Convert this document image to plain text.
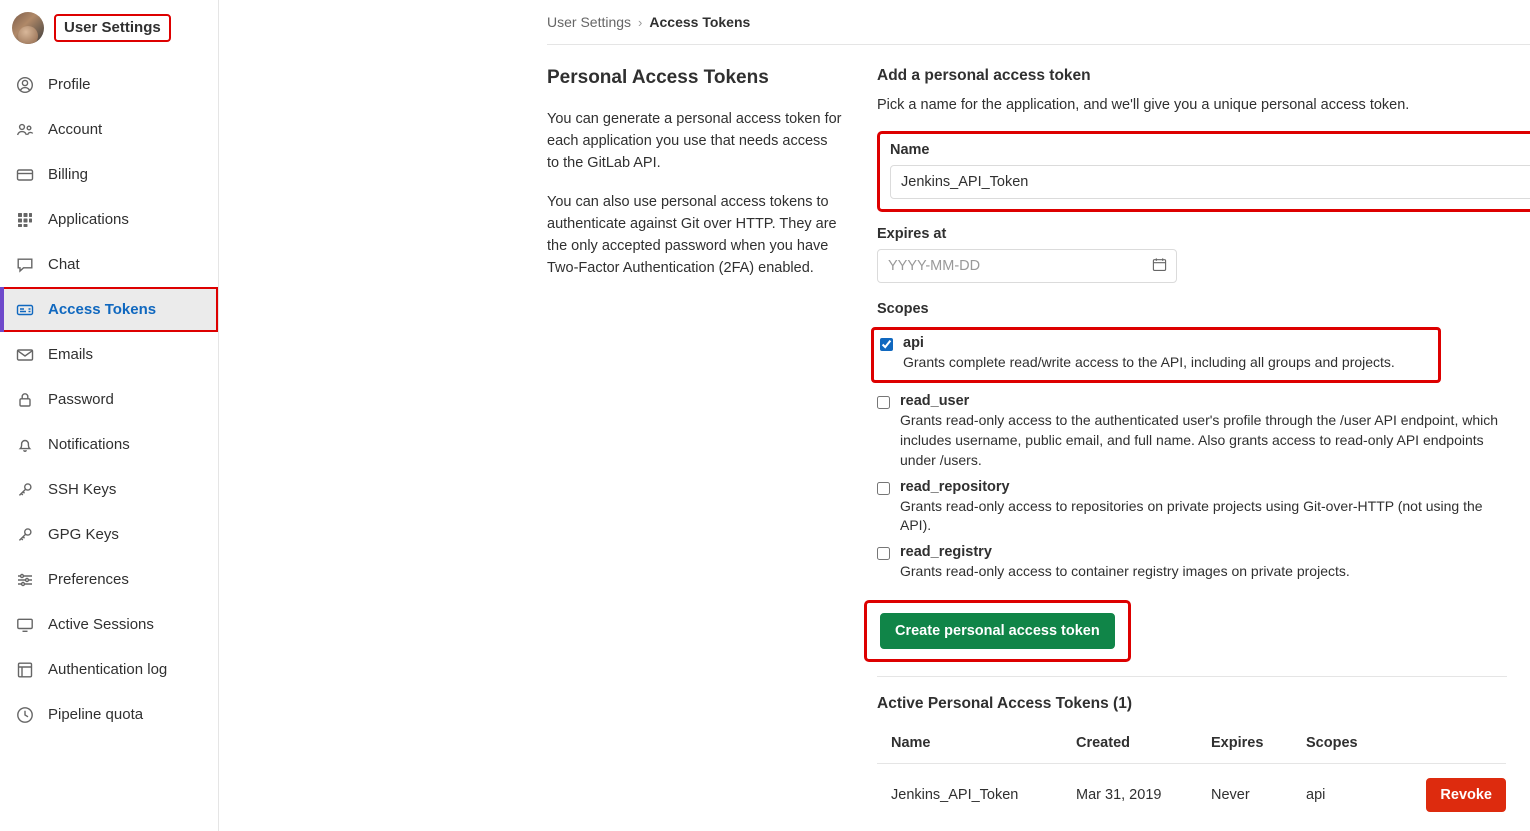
User Settings
Profile
Account
Billing
Applications
Chat
Access Tokens
Emails
Password
Notifications
SSH Keys
GPG Keys
Preferences
Active Sessions
Authentication log
Pipeline quota
User Settings › Access Tokens
Personal Access Tokens

You can generate a personal access token for each application you use that needs access to the GitLab API.

You can also use personal access tokens to authenticate against Git over HTTP. They are the only accepted password when you have Two-Factor Authentication (2FA) enabled.

Add a personal access token

Pick a name for the application, and we'll give you a unique personal access token.

Name
Jenkins_API_Token
Expires at
YYYY-MM-DD
Scopes
api
Grants complete read/write access to the API, including all groups and projects.
read_user
Grants read-only access to the authenticated user's profile through the /user API endpoint, which includes username, public email, and full name. Also grants access to read-only API endpoints under /users.
read_repository
Grants read-only access to repositories on private projects using Git-over-HTTP (not using the API).
read_registry
Grants read-only access to container registry images on private projects.
Create personal access token
Active Personal Access Tokens (1)
Name	Created	Expires	Scopes	
Jenkins_API_Token	Mar 31, 2019	Never	api	Revoke
